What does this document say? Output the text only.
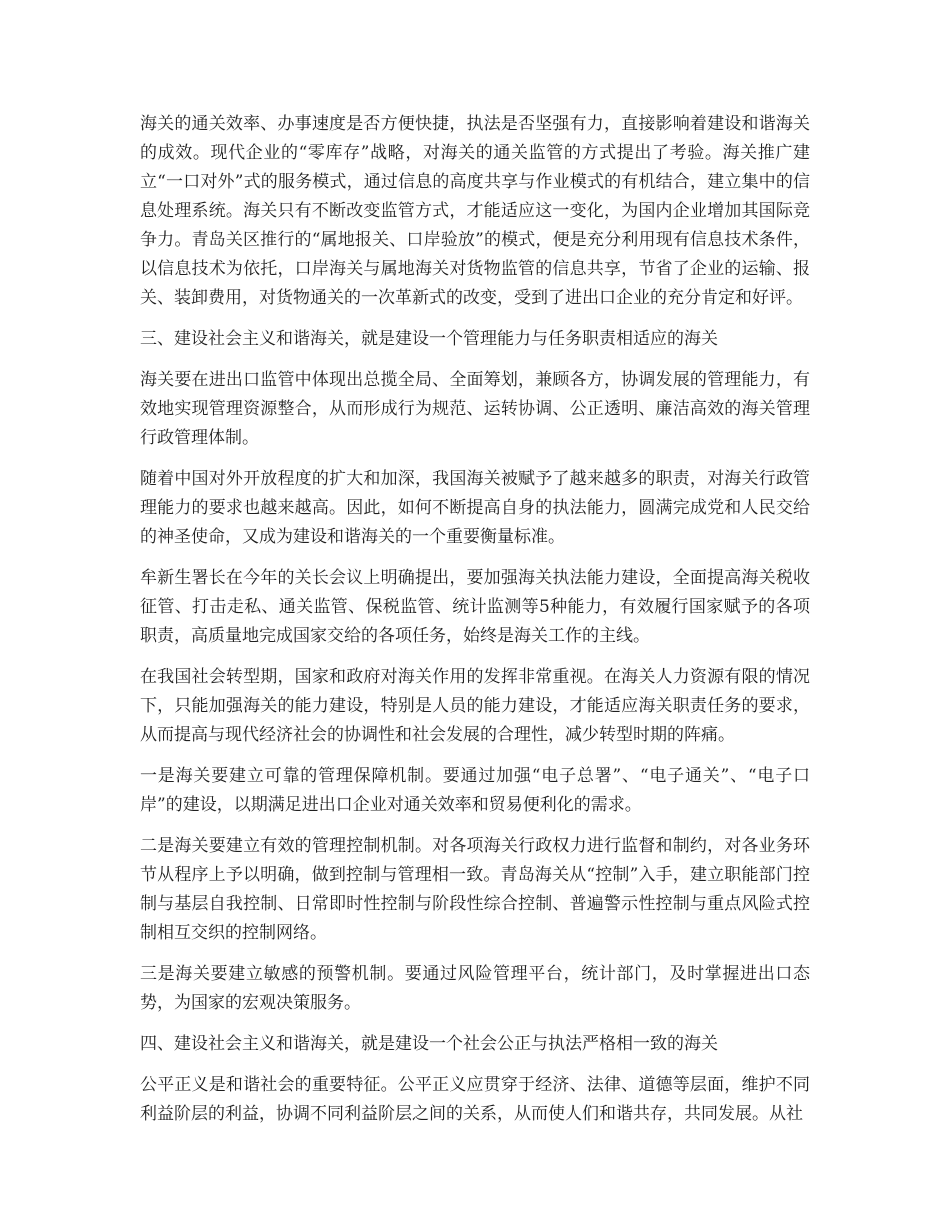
海关的通关效率、办事速度是否方便快捷，执法是否坚强有力，直接影响着建设和谐海关的成效。现代企业的“零库存”战略，对海关的通关监管的方式提出了考验。海关推广建立“一口对外”式的服务模式，通过信息的高度共享与作业模式的有机结合，建立集中的信息处理系统。海关只有不断改变监管方式，才能适应这一变化，为国内企业增加其国际竞争力。青岛关区推行的“属地报关、口岸验放”的模式，便是充分利用现有信息技术条件，以信息技术为依托，口岸海关与属地海关对货物监管的信息共享，节省了企业的运输、报关、装卸费用，对货物通关的一次革新式的改变，受到了进出口企业的充分肯定和好评。

三、建设社会主义和谐海关，就是建设一个管理能力与任务职责相适应的海关

海关要在进出口监管中体现出总揽全局、全面筹划，兼顾各方，协调发展的管理能力，有效地实现管理资源整合，从而形成行为规范、运转协调、公正透明、廉洁高效的海关管理行政管理体制。

随着中国对外开放程度的扩大和加深，我国海关被赋予了越来越多的职责，对海关行政管理能力的要求也越来越高。因此，如何不断提高自身的执法能力，圆满完成党和人民交给的神圣使命，又成为建设和谐海关的一个重要衡量标准。

牟新生署长在今年的关长会议上明确提出，要加强海关执法能力建设，全面提高海关税收征管、打击走私、通关监管、保税监管、统计监测等5种能力，有效履行国家赋予的各项职责，高质量地完成国家交给的各项任务，始终是海关工作的主线。

在我国社会转型期，国家和政府对海关作用的发挥非常重视。在海关人力资源有限的情况下，只能加强海关的能力建设，特别是人员的能力建设，才能适应海关职责任务的要求，从而提高与现代经济社会的协调性和社会发展的合理性，减少转型时期的阵痛。

一是海关要建立可靠的管理保障机制。要通过加强“电子总署”、“电子通关”、“电子口岸”的建设，以期满足进出口企业对通关效率和贸易便利化的需求。

二是海关要建立有效的管理控制机制。对各项海关行政权力进行监督和制约，对各业务环节从程序上予以明确，做到控制与管理相一致。青岛海关从“控制”入手，建立职能部门控制与基层自我控制、日常即时性控制与阶段性综合控制、普遍警示性控制与重点风险式控制相互交织的控制网络。

三是海关要建立敏感的预警机制。要通过风险管理平台，统计部门，及时掌握进出口态势，为国家的宏观决策服务。

四、建设社会主义和谐海关，就是建设一个社会公正与执法严格相一致的海关

公平正义是和谐社会的重要特征。公平正义应贯穿于经济、法律、道德等层面，维护不同利益阶层的利益，协调不同利益阶层之间的关系，从而使人们和谐共存，共同发展。从社
